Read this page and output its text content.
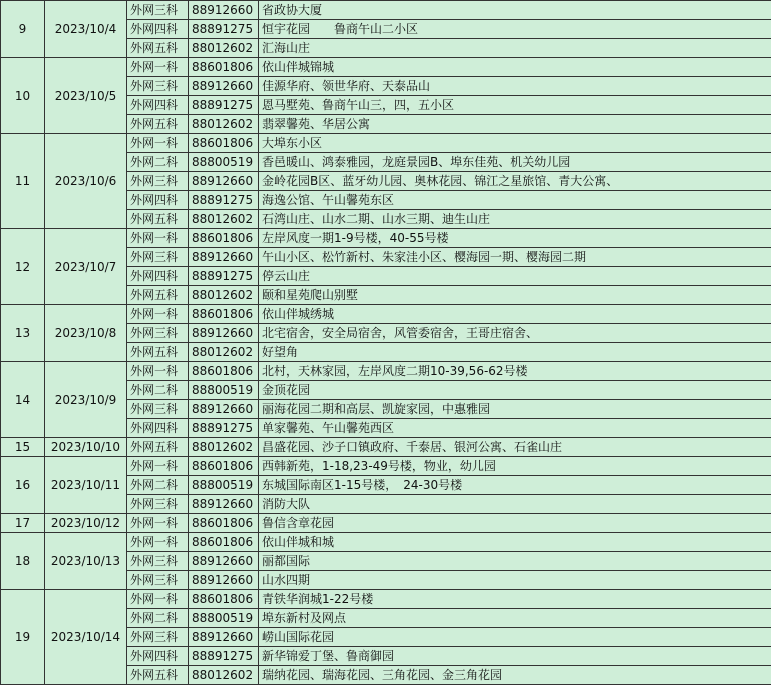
9	2023/10/4	外网三科	88912660	省政协大厦
		外网四科	88891275	恒宇花园　　鲁商午山二小区
		外网五科	88012602	汇海山庄
10	2023/10/5	外网一科	88601806	依山伴城锦城
		外网三科	88912660	佳源华府、领世华府、天泰品山
		外网四科	88891275	恩马墅苑、鲁商午山三，四，五小区
		外网五科	88012602	翡翠馨苑、华居公寓
11	2023/10/6	外网一科	88601806	大埠东小区
		外网二科	88800519	香邑暖山、鸿泰雅园，龙庭景园B、埠东佳苑、机关幼儿园
		外网三科	88912660	金岭花园B区、蓝牙幼儿园、奥林花园、锦江之星旅馆、青大公寓、
		外网四科	88891275	海逸公馆、午山馨苑东区
		外网五科	88012602	石湾山庄、山水二期、山水三期、迪生山庄
12	2023/10/7	外网一科	88601806	左岸风度一期1-9号楼，40-55号楼
		外网三科	88912660	午山小区、松竹新村、朱家洼小区、樱海园一期、樱海园二期
		外网四科	88891275	停云山庄
		外网五科	88012602	颐和星苑爬山别墅
13	2023/10/8	外网一科	88601806	依山伴城绣城
		外网三科	88912660	北宅宿舍，安全局宿舍，风管委宿舍，王哥庄宿舍、
		外网五科	88012602	好望角
14	2023/10/9	外网一科	88601806	北村，天林家园，左岸风度二期10-39,56-62号楼
		外网二科	88800519	金顶花园
		外网三科	88912660	丽海花园二期和高层、凯旋家园，中惠雅园
		外网四科	88891275	单家馨苑、午山馨苑西区
15	2023/10/10	外网五科	88012602	昌盛花园、沙子口镇政府、千泰居、银河公寓、石雀山庄
16	2023/10/11	外网一科	88601806	西韩新苑，1-18,23-49号楼，物业，幼儿园
		外网二科	88800519	东城国际南区1-15号楼，　24-30号楼
		外网三科	88912660	消防大队
17	2023/10/12	外网一科	88601806	鲁信含章花园
18	2023/10/13	外网一科	88601806	依山伴城和城
		外网三科	88912660	丽都国际
		外网三科	88912660	山水四期
19	2023/10/14	外网一科	88601806	青铁华润城1-22号楼
		外网二科	88800519	埠东新村及网点
		外网三科	88912660	崂山国际花园
		外网四科	88891275	新华锦爱丁堡、鲁商御园
		外网五科	88012602	瑞纳花园、瑞海花园、三角花园、金三角花园
